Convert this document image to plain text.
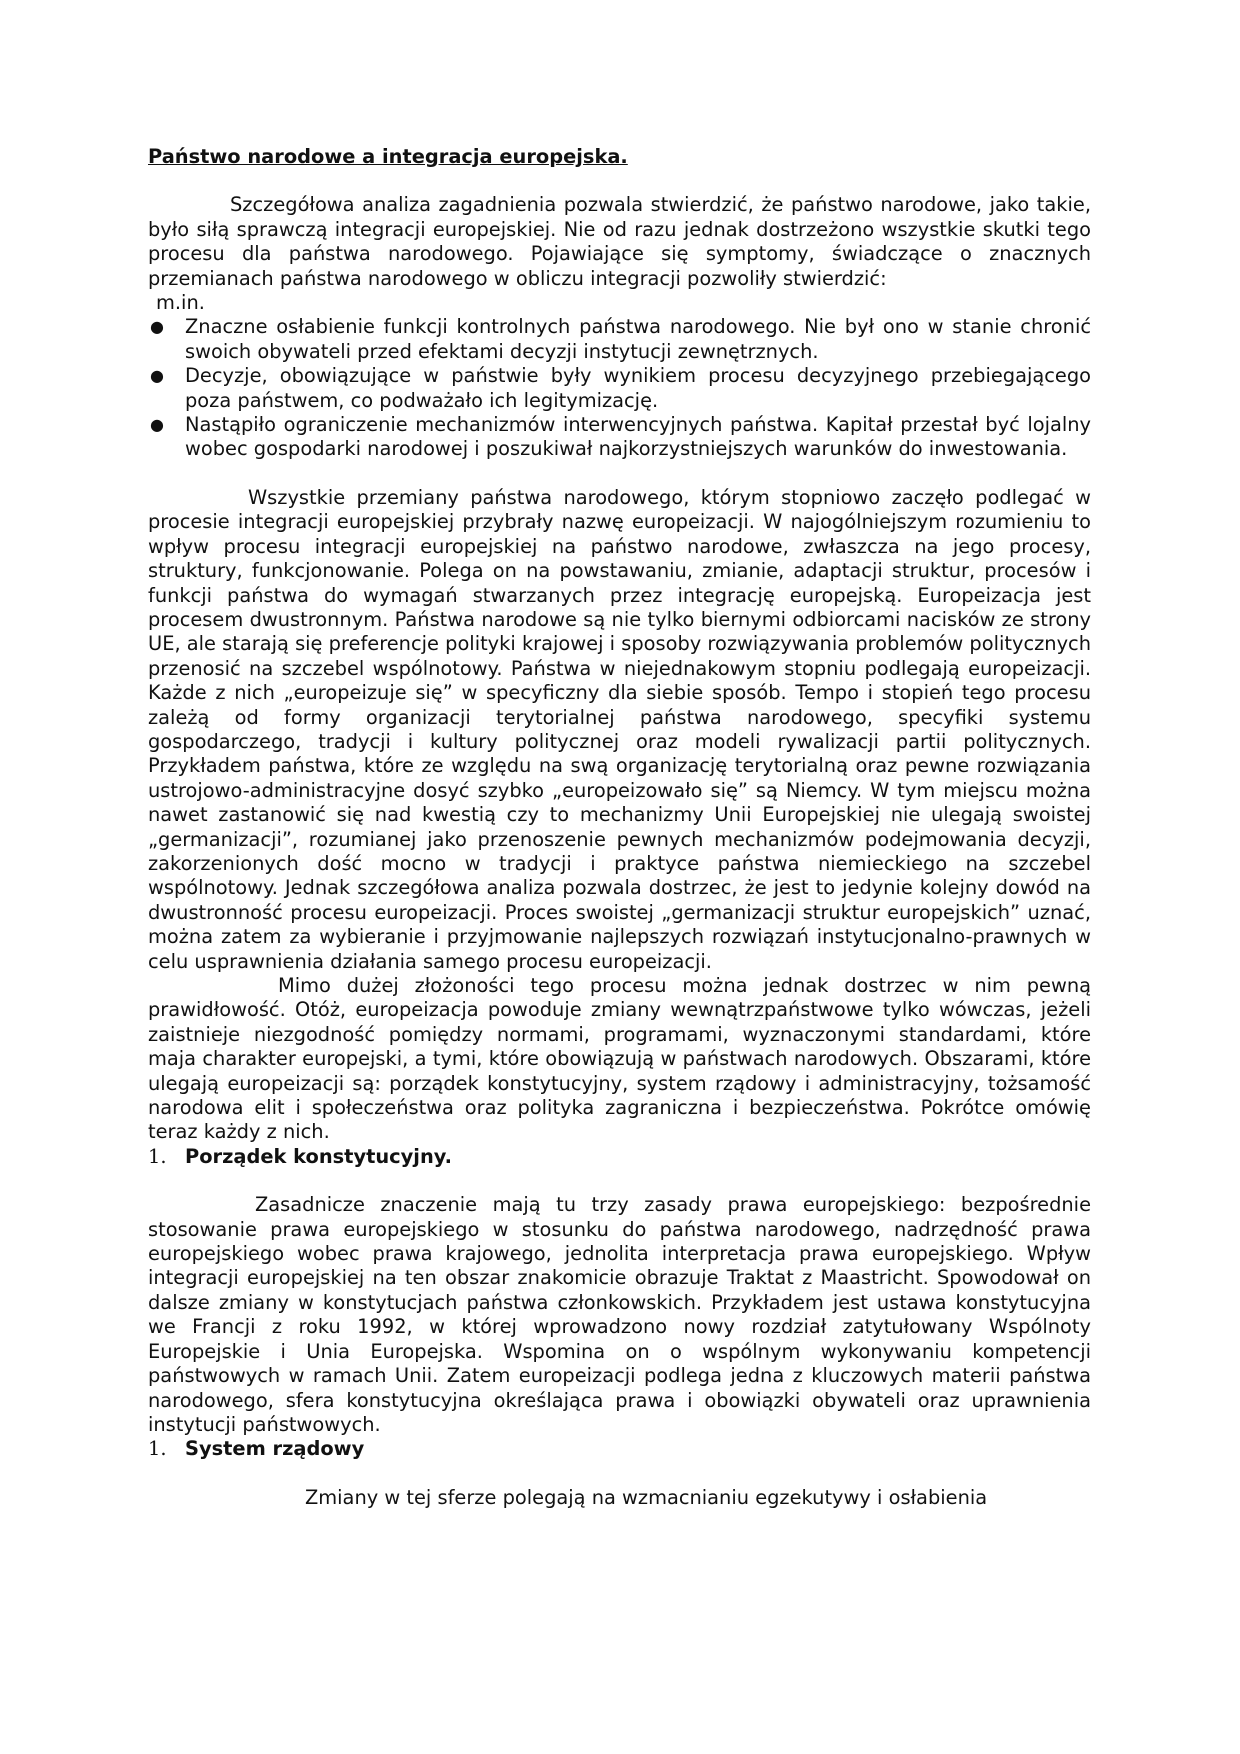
Państwo narodowe a integracja europejska.

Szczegółowa analiza zagadnienia pozwala stwierdzić, że państwo narodowe, jako takie, było siłą sprawczą integracji europejskiej. Nie od razu jednak dostrzeżono wszystkie skutki tego procesu dla państwa narodowego. Pojawiające się symptomy, świadczące o znacznych przemianach państwa narodowego w obliczu integracji pozwoliły stwierdzić:

m.in.

● Znaczne osłabienie funkcji kontrolnych państwa narodowego. Nie był ono w stanie chronić swoich obywateli przed efektami decyzji instytucji zewnętrznych.
● Decyzje, obowiązujące w państwie były wynikiem procesu decyzyjnego przebiegającego poza państwem, co podważało ich legitymizację.
● Nastąpiło ograniczenie mechanizmów interwencyjnych państwa. Kapitał przestał być lojalny wobec gospodarki narodowej i poszukiwał najkorzystniejszych warunków do inwestowania.

Wszystkie przemiany państwa narodowego, którym stopniowo zaczęło podlegać w procesie integracji europejskiej przybrały nazwę europeizacji. W najogólniejszym rozumieniu to wpływ procesu integracji europejskiej na państwo narodowe, zwłaszcza na jego procesy, struktury, funkcjonowanie. Polega on na powstawaniu, zmianie, adaptacji struktur, procesów i funkcji państwa do wymagań stwarzanych przez integrację europejską. Europeizacja jest procesem dwustronnym. Państwa narodowe są nie tylko biernymi odbiorcami nacisków ze strony UE, ale starają się preferencje polityki krajowej i sposoby rozwiązywania problemów politycznych przenosić na szczebel wspólnotowy. Państwa w niejednakowym stopniu podlegają europeizacji. Każde z nich „europeizuje się” w specyficzny dla siebie sposób. Tempo i stopień tego procesu zależą od formy organizacji terytorialnej państwa narodowego, specyfiki systemu gospodarczego, tradycji i kultury politycznej oraz modeli rywalizacji partii politycznych. Przykładem państwa, które ze względu na swą organizację terytorialną oraz pewne rozwiązania ustrojowo-administracyjne dosyć szybko „europeizowało się” są Niemcy. W tym miejscu można nawet zastanowić się nad kwestią czy to mechanizmy Unii Europejskiej nie ulegają swoistej „germanizacji”, rozumianej jako przenoszenie pewnych mechanizmów podejmowania decyzji, zakorzenionych dość mocno w tradycji i praktyce państwa niemieckiego na szczebel wspólnotowy. Jednak szczegółowa analiza pozwala dostrzec, że jest to jedynie kolejny dowód na dwustronność procesu europeizacji. Proces swoistej „germanizacji struktur europejskich” uznać, można zatem za wybieranie i przyjmowanie najlepszych rozwiązań instytucjonalno-prawnych w celu usprawnienia działania samego procesu europeizacji.

Mimo dużej złożoności tego procesu można jednak dostrzec w nim pewną prawidłowość. Otóż, europeizacja powoduje zmiany wewnątrzpaństwowe tylko wówczas, jeżeli zaistnieje niezgodność pomiędzy normami, programami, wyznaczonymi standardami, które maja charakter europejski, a tymi, które obowiązują w państwach narodowych. Obszarami, które ulegają europeizacji są: porządek konstytucyjny, system rządowy i administracyjny, tożsamość narodowa elit i społeczeństwa oraz polityka zagraniczna i bezpieczeństwa. Pokrótce omówię teraz każdy z nich.

1. Porządek konstytucyjny.

Zasadnicze znaczenie mają tu trzy zasady prawa europejskiego: bezpośrednie stosowanie prawa europejskiego w stosunku do państwa narodowego, nadrzędność prawa europejskiego wobec prawa krajowego, jednolita interpretacja prawa europejskiego. Wpływ integracji europejskiej na ten obszar znakomicie obrazuje Traktat z Maastricht. Spowodował on dalsze zmiany w konstytucjach państwa członkowskich. Przykładem jest ustawa konstytucyjna we Francji z roku 1992, w której wprowadzono nowy rozdział zatytułowany Wspólnoty Europejskie i Unia Europejska. Wspomina on o wspólnym wykonywaniu kompetencji państwowych w ramach Unii. Zatem europeizacji podlega jedna z kluczowych materii państwa narodowego, sfera konstytucyjna określająca prawa i obowiązki obywateli oraz uprawnienia instytucji państwowych.

1. System rządowy

Zmiany w tej sferze polegają na wzmacnianiu egzekutywy i osłabienia
